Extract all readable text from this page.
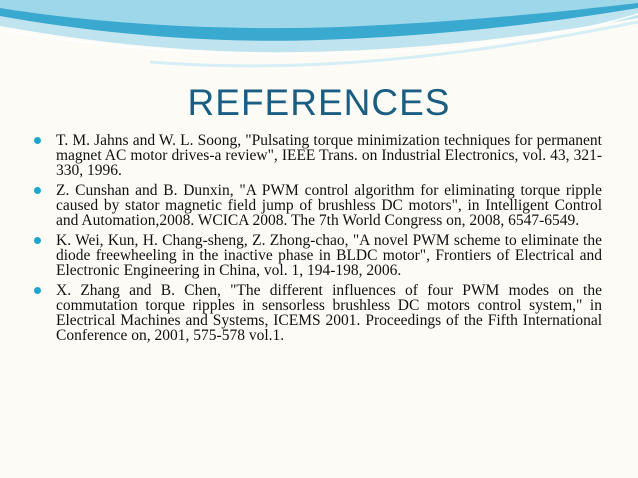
REFERENCES
T. M. Jahns and W. L. Soong, "Pulsating torque minimization techniques for permanent magnet AC motor drives-a review", IEEE Trans. on Industrial Electronics, vol. 43, 321-330, 1996.
Z. Cunshan and B. Dunxin, "A PWM control algorithm for eliminating torque ripple caused by stator magnetic field jump of brushless DC motors", in Intelligent Control and Automation,2008. WCICA 2008. The 7th World Congress on, 2008, 6547-6549.
K. Wei, Kun, H. Chang-sheng, Z. Zhong-chao, "A novel PWM scheme to eliminate the diode freewheeling in the inactive phase in BLDC motor", Frontiers of Electrical and Electronic Engineering in China, vol. 1, 194-198, 2006.
X. Zhang and B. Chen, "The different influences of four PWM modes on the commutation torque ripples in sensorless brushless DC motors control system," in Electrical Machines and Systems, ICEMS 2001. Proceedings of the Fifth International Conference on, 2001, 575-578 vol.1.
